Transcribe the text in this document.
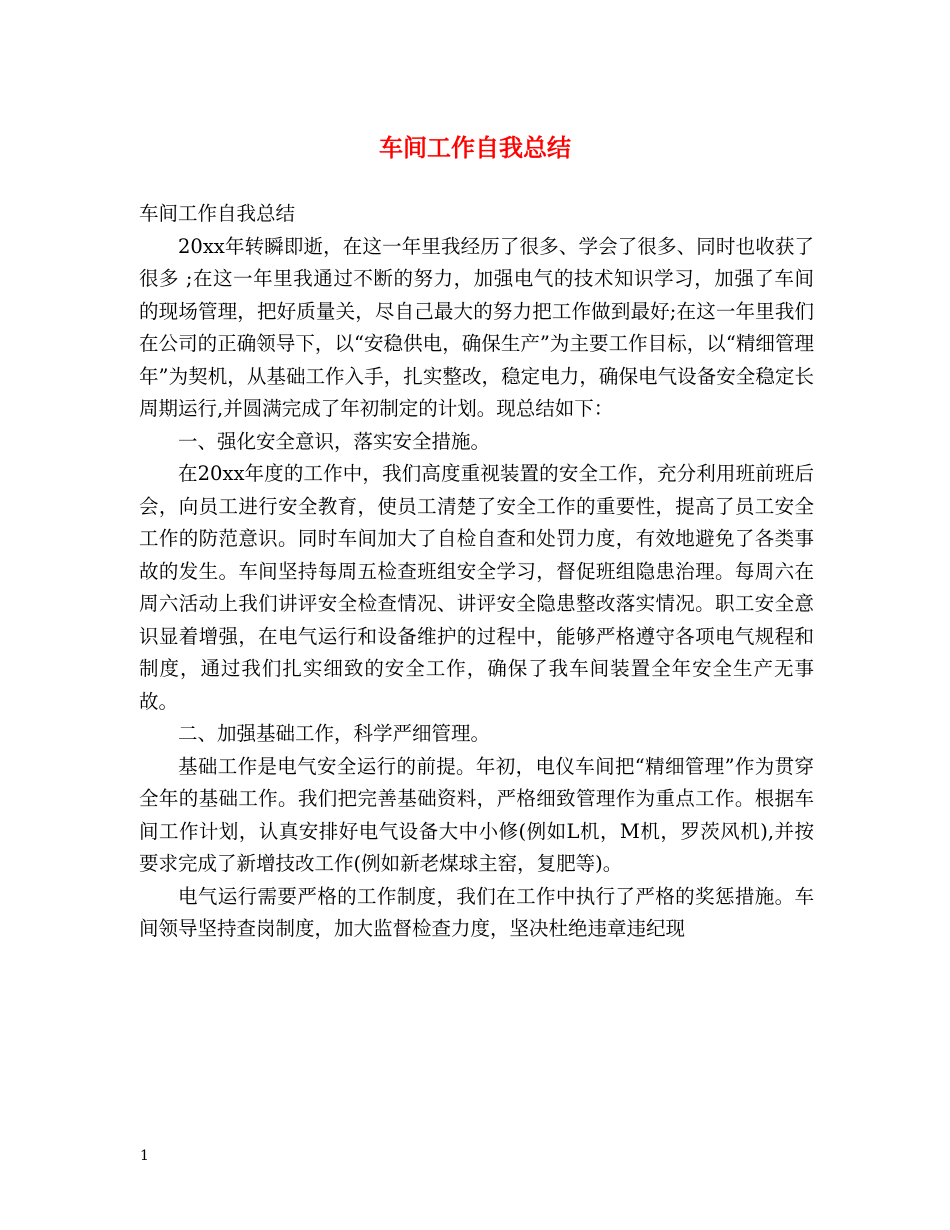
车间工作自我总结

车间工作自我总结

20xx年转瞬即逝，在这一年里我经历了很多、学会了很多、同时也收获了很多 ;在这一年里我通过不断的努力，加强电气的技术知识学习，加强了车间的现场管理，把好质量关，尽自己最大的努力把工作做到最好;在这一年里我们在公司的正确领导下，以“安稳供电，确保生产”为主要工作目标，以“精细管理年”为契机，从基础工作入手，扎实整改，稳定电力，确保电气设备安全稳定长周期运行,并圆满完成了年初制定的计划。现总结如下：

一、强化安全意识，落实安全措施。

在20xx年度的工作中，我们高度重视装置的安全工作，充分利用班前班后会，向员工进行安全教育，使员工清楚了安全工作的重要性，提高了员工安全工作的防范意识。同时车间加大了自检自查和处罚力度，有效地避免了各类事故的发生。车间坚持每周五检查班组安全学习，督促班组隐患治理。每周六在周六活动上我们讲评安全检查情况、讲评安全隐患整改落实情况。职工安全意识显着增强，在电气运行和设备维护的过程中，能够严格遵守各项电气规程和制度，通过我们扎实细致的安全工作，确保了我车间装置全年安全生产无事故。

二、加强基础工作，科学严细管理。

基础工作是电气安全运行的前提。年初，电仪车间把“精细管理”作为贯穿全年的基础工作。我们把完善基础资料，严格细致管理作为重点工作。根据车间工作计划，认真安排好电气设备大中小修(例如L机，M机，罗茨风机),并按要求完成了新增技改工作(例如新老煤球主窑，复肥等)。

电气运行需要严格的工作制度，我们在工作中执行了严格的奖惩措施。车间领导坚持查岗制度，加大监督检查力度，坚决杜绝违章违纪现

1
